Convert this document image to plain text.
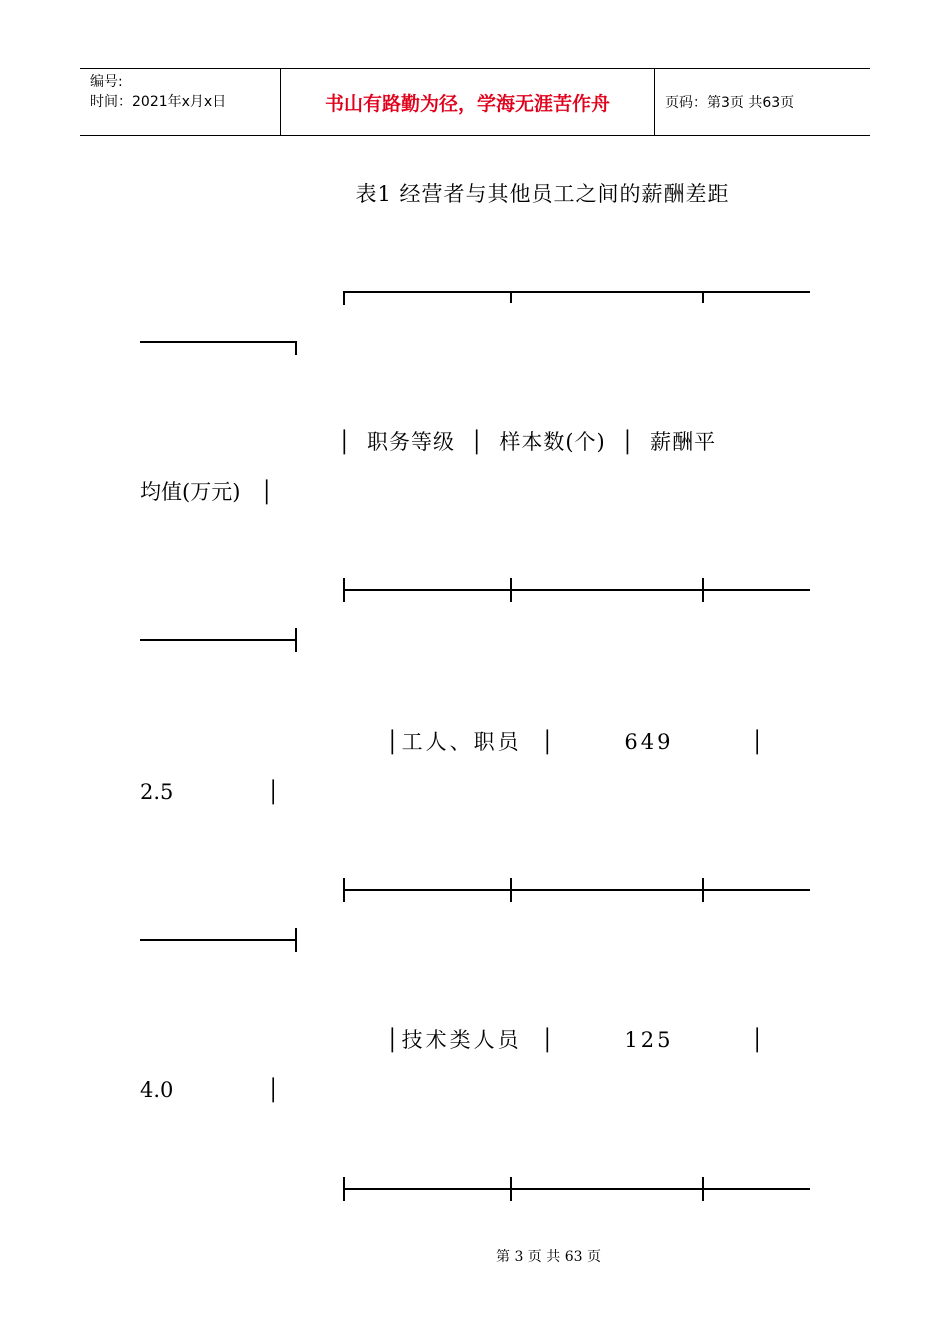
编号:
时间：2021年x月x日	书山有路勤为径，学海无涯苦作舟	页码：第3页 共63页
表1 经营者与其他员工之间的薪酬差距
│  职务等级  │  样本数(个)  │  薪酬平
均值(万元)   │
│工人、职员  │       649        │
2.5              │
│技术类人员  │       125        │
4.0              │
第 3 页 共 63 页
